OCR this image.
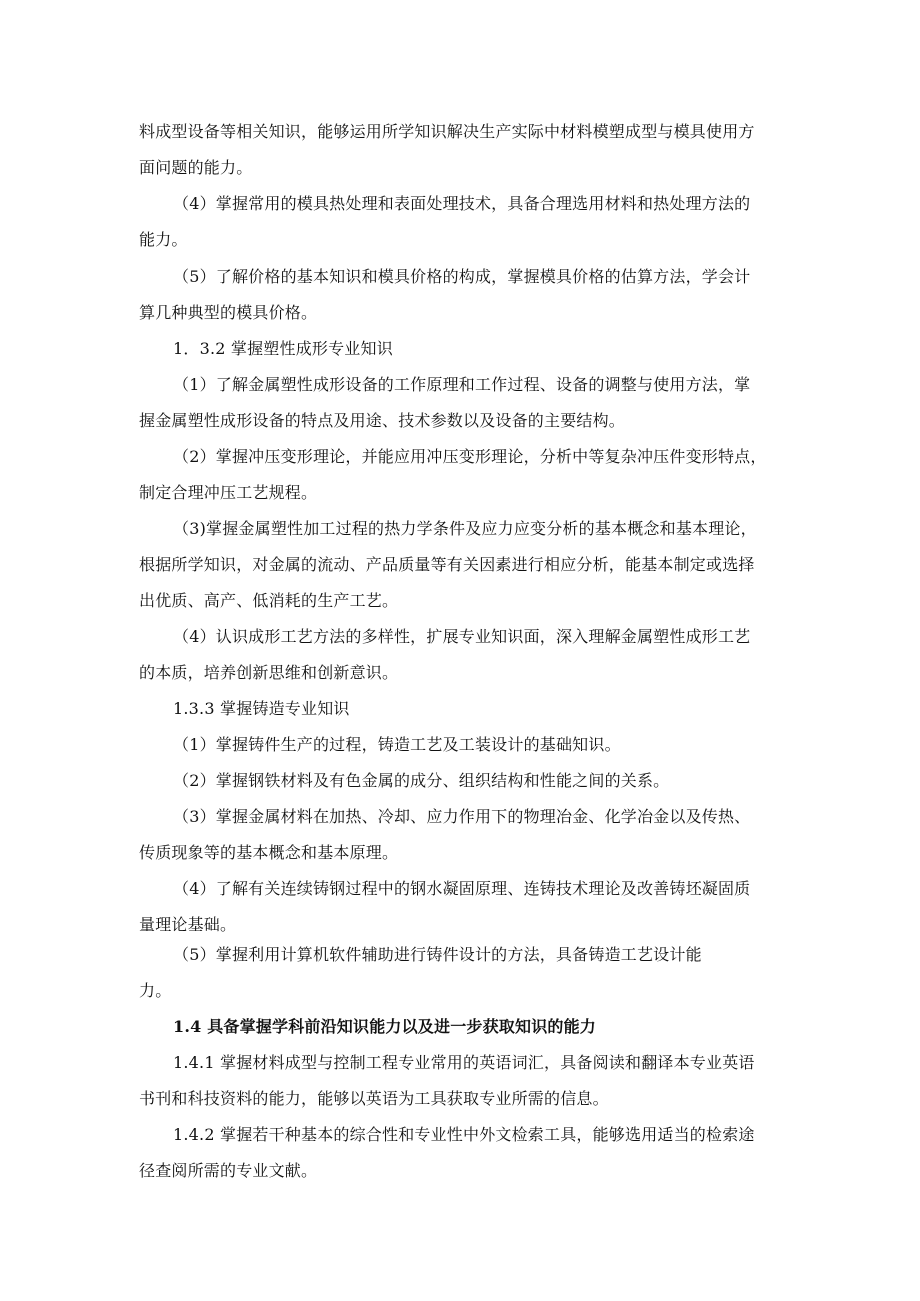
料成型设备等相关知识，能够运用所学知识解决生产实际中材料模塑成型与模具使用方
面问题的能力。
（4）掌握常用的模具热处理和表面处理技术，具备合理选用材料和热处理方法的
能力。
（5）了解价格的基本知识和模具价格的构成，掌握模具价格的估算方法，学会计
算几种典型的模具价格。
1．3.2 掌握塑性成形专业知识
（1）了解金属塑性成形设备的工作原理和工作过程、设备的调整与使用方法，掌
握金属塑性成形设备的特点及用途、技术参数以及设备的主要结构。
（2）掌握冲压变形理论，并能应用冲压变形理论，分析中等复杂冲压件变形特点，
制定合理冲压工艺规程。
（3)掌握金属塑性加工过程的热力学条件及应力应变分析的基本概念和基本理论，
根据所学知识，对金属的流动、产品质量等有关因素进行相应分析，能基本制定或选择
出优质、高产、低消耗的生产工艺。
（4）认识成形工艺方法的多样性，扩展专业知识面，深入理解金属塑性成形工艺
的本质，培养创新思维和创新意识。
1.3.3 掌握铸造专业知识
（1）掌握铸件生产的过程，铸造工艺及工装设计的基础知识。
（2）掌握钢铁材料及有色金属的成分、组织结构和性能之间的关系。
（3）掌握金属材料在加热、冷却、应力作用下的物理冶金、化学冶金以及传热、
传质现象等的基本概念和基本原理。
（4）了解有关连续铸钢过程中的钢水凝固原理、连铸技术理论及改善铸坯凝固质
量理论基础。
（5）掌握利用计算机软件辅助进行铸件设计的方法，具备铸造工艺设计能
力。
1.4 具备掌握学科前沿知识能力以及进一步获取知识的能力
1.4.1 掌握材料成型与控制工程专业常用的英语词汇，具备阅读和翻译本专业英语
书刊和科技资料的能力，能够以英语为工具获取专业所需的信息。
1.4.2 掌握若干种基本的综合性和专业性中外文检索工具，能够选用适当的检索途
径查阅所需的专业文献。
